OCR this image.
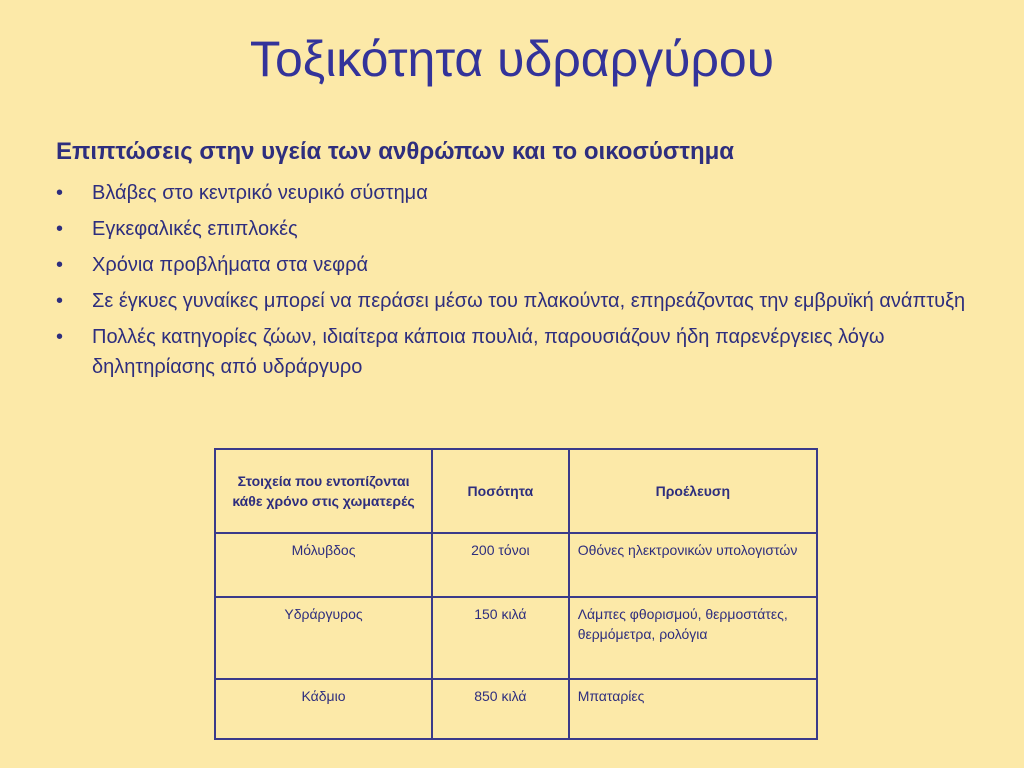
Τοξικότητα υδραργύρου
Επιπτώσεις στην υγεία των ανθρώπων και το οικοσύστημα
• Βλάβες στο κεντρικό νευρικό σύστημα
• Εγκεφαλικές επιπλοκές
• Χρόνια προβλήματα στα νεφρά
• Σε έγκυες γυναίκες μπορεί να περάσει μέσω του πλακούντα, επηρεάζοντας την εμβρυϊκή ανάπτυξη
• Πολλές κατηγορίες ζώων, ιδιαίτερα κάποια πουλιά, παρουσιάζουν ήδη παρενέργειες λόγω δηλητηρίασης από υδράργυρο
Στοιχεία που εντοπίζονται κάθε χρόνο στις χωματερές	Ποσότητα	Προέλευση
Μόλυβδος	200 τόνοι	Οθόνες ηλεκτρονικών υπολογιστών
Υδράργυρος	150 κιλά	Λάμπες φθορισμού, θερμοστάτες, θερμόμετρα, ρολόγια
Κάδμιο	850 κιλά	Μπαταρίες
